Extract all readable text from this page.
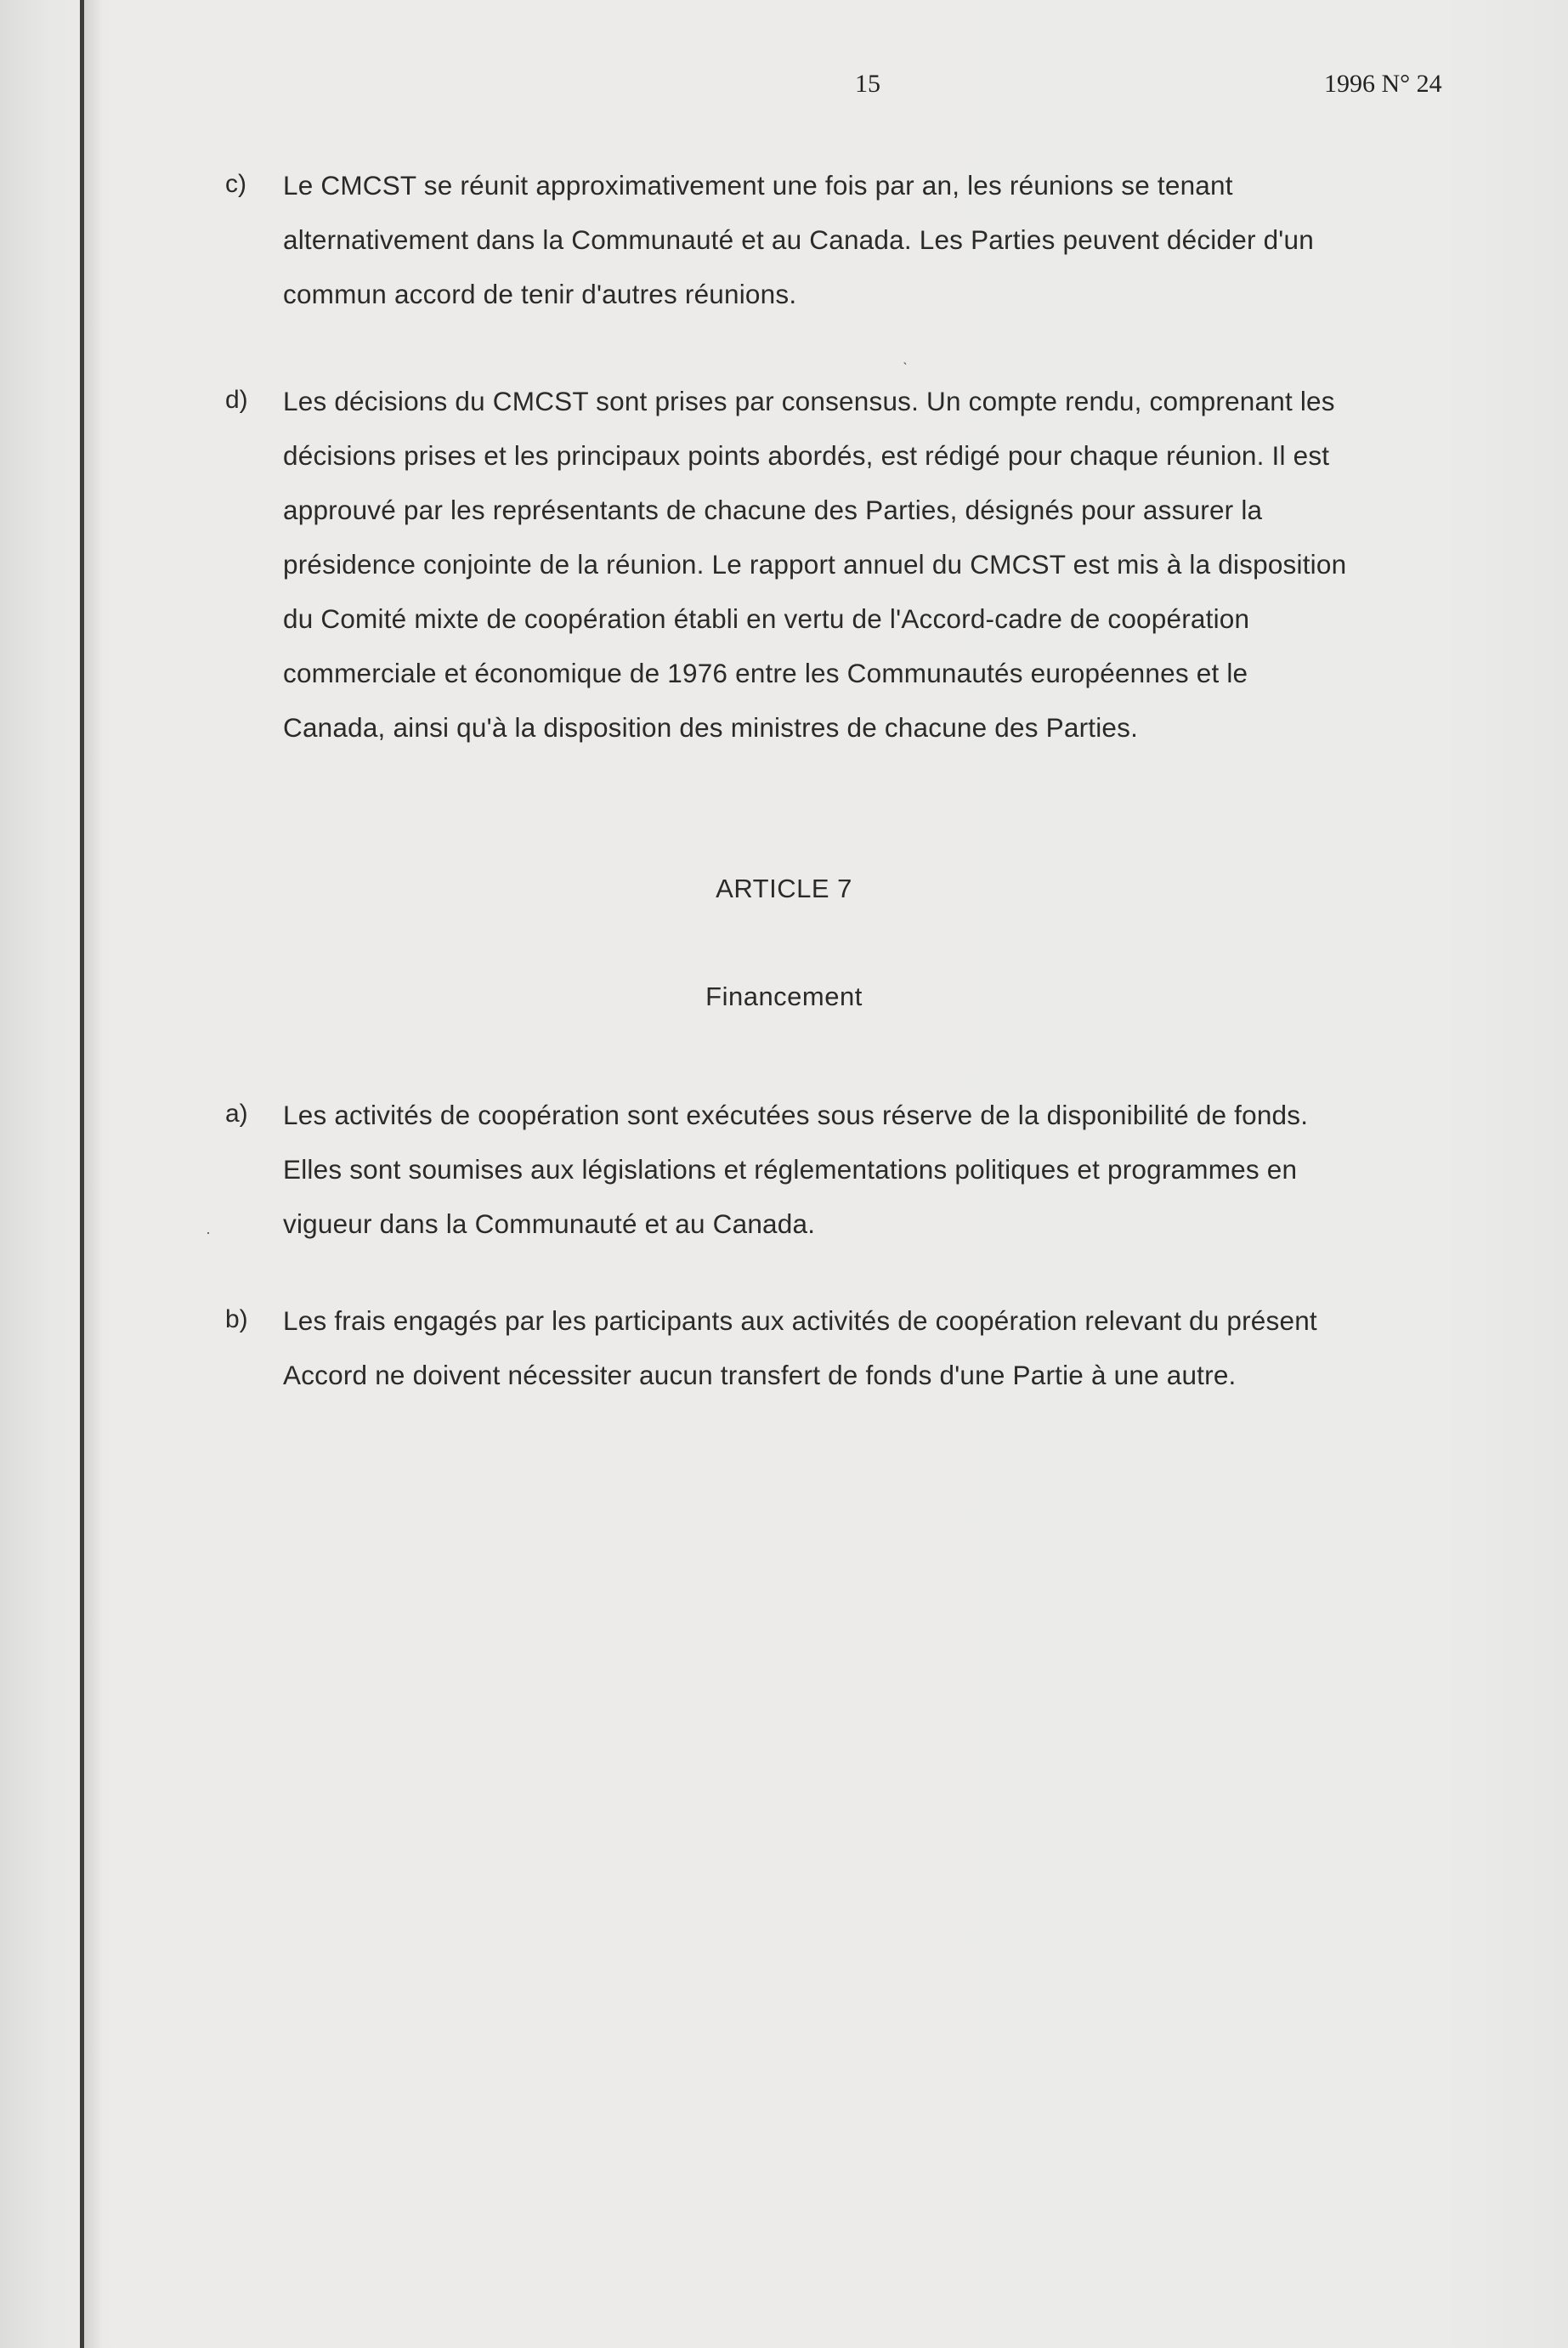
15	1996 N° 24
c) Le CMCST se réunit approximativement une fois par an, les réunions se tenant
alternativement dans la Communauté et au Canada. Les Parties peuvent décider d'un
commun accord de tenir d'autres réunions.
ˋ
d) Les décisions du CMCST sont prises par consensus. Un compte rendu, comprenant les
décisions prises et les principaux points abordés, est rédigé pour chaque réunion. Il est
approuvé par les représentants de chacune des Parties, désignés pour assurer la
présidence conjointe de la réunion. Le rapport annuel du CMCST est mis à la disposition
du Comité mixte de coopération établi en vertu de l'Accord-cadre de coopération
commerciale et économique de 1976 entre les Communautés européennes et le
Canada, ainsi qu'à la disposition des ministres de chacune des Parties.
ARTICLE 7
Financement
a) Les activités de coopération sont exécutées sous réserve de la disponibilité de fonds.
Elles sont soumises aux législations et réglementations politiques et programmes en
vigueur dans la Communauté et au Canada.
·
b) Les frais engagés par les participants aux activités de coopération relevant du présent
Accord ne doivent nécessiter aucun transfert de fonds d'une Partie à une autre.
